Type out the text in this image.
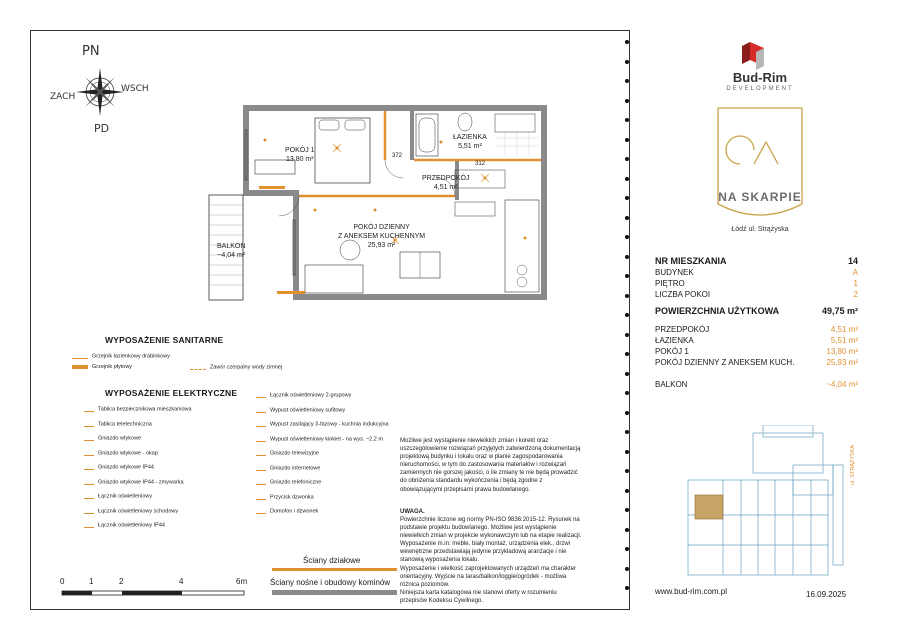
PN
PD
ZACH
WSCH
POKÓJ 1
13,80 m²
ŁAZIENKA
5,51 m²
372
312
PRZEDPOKÓJ
4,51 m²
POKÓJ DZIENNY
Z ANEKSEM KUCHENNYM
25,93 m²
BALKON
~4,04 m²
WYPOSAŻENIE SANITARNE
Grzejnik łazienkowy drabinkowy
Grzejnik płytowy	Zawór czerpalny wody zimnej
WYPOSAŻENIE ELEKTRYCZNE
Tablica bezpiecznikowa mieszkaniowa
Tablica teletechniczna
Gniazdo wtykowe
Gniazdo wtykowe - okap
Gniazdo wtykowe IP44
Gniazdo wtykowe IP44 - zmywarka
Łącznik oświetleniowy
Łącznik oświetleniowy schodowy
Łącznik oświetleniowy IP44
Łącznik oświetleniowy 2-grupowy
Wypust oświetleniowy sufitowy
Wypust zasilający 3-fazowy - kuchnia indukcyjna
Wypust oświetleniowy kinkiet - na wys. ~2,2 m
Gniazdo telewizyjne
Gniazdo internetowe
Gniazdo telefoniczne
Przycisk dzwonka
Domofon i dzwonek
Możliwe jest wystąpienie niewielkich zmian i korekt oraz
uszczegółowienie rozwiązań przyjętych zatwierdzoną dokumentacją
projektową budynku i lokalu oraz w planie zagospodarowania
nieruchomości, w tym do zastosowania materiałów i rozwiązań
zamiennych nie gorszej jakości, o ile zmiany te nie będą prowadzić
do obniżenia standardu wykończenia i będą zgodne z
obowiązującymi przepisami prawa budowlanego.
UWAGA.
Powierzchnie liczone wg normy PN-ISO 9836:2015-12. Rysunek na
podstawie projektu budowlanego. Możliwe jest wystąpienie
niewielkich zmian w projekcie wykonawczym lub na etapie realizacji.
Wyposażenie m.in: meble, biały montaż, urządzenia elek., drzwi
wewnętrzne przedstawiają jedynie przykładową aranżacje i nie
stanowią wyposażenia lokalu.
Wyposażenie i wielkość zaprojektowanych urządzeń ma charakter
orientacyjny. Wyjście na taras/balkon/loggie/ogródek - możliwa
różnica poziomów.
Niniejsza karta katalogowa nie stanowi oferty w rozumieniu
przepisów Kodeksu Cywilnego.
0	1	2	4	6m
Ściany działowe
Ściany nośne i obudowy kominów
Bud-Rim
DEVELOPMENT
NA SKARPIE
Łódź ul. Strążyska
NR MIESZKANIA	14
BUDYNEK	A
PIĘTRO	1
LICZBA POKOI	2
POWIERZCHNIA UŻYTKOWA	49,75 m²
PRZEDPOKÓJ	4,51 m²
ŁAZIENKA	5,51 m²
POKÓJ 1	13,80 m²
POKÓJ DZIENNY Z ANEKSEM KUCH.	25,93 m²
BALKON	~4,04 m²
ul. STRĄŻYSKA
www.bud-rim.com.pl	16.09.2025
